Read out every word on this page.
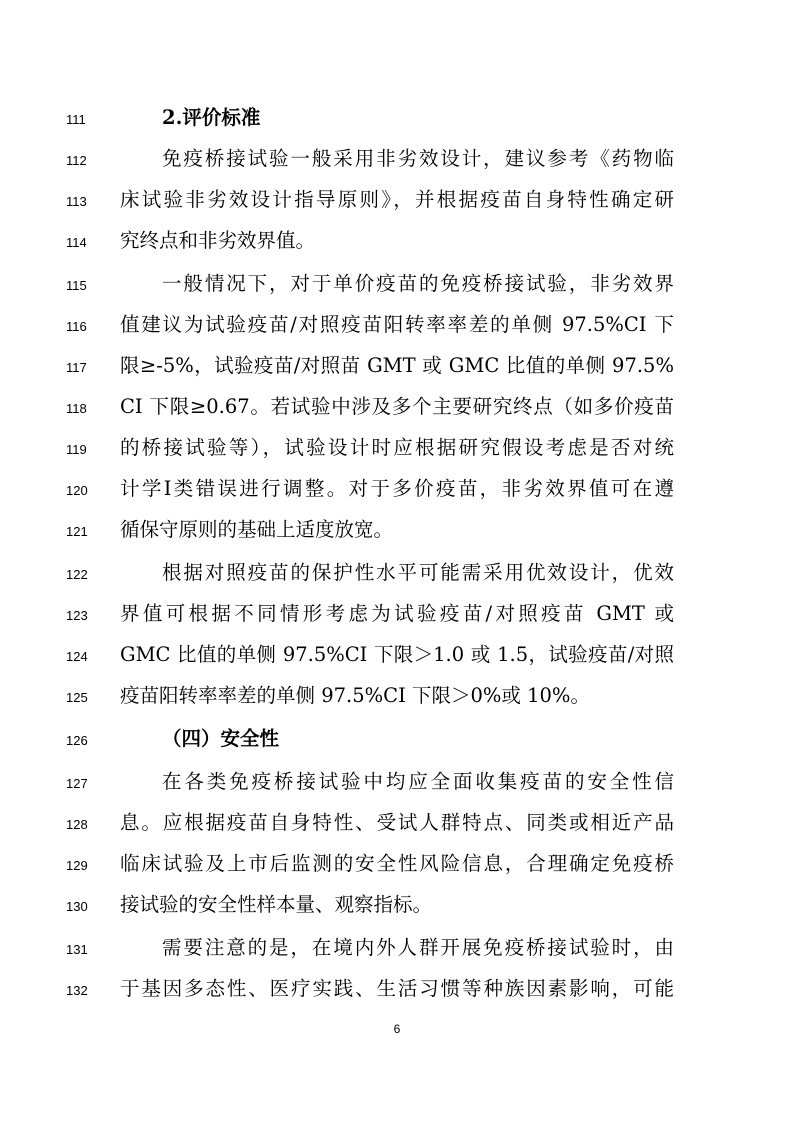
111	2.评价标准
112	免疫桥接试验一般采用非劣效设计，建议参考《药物临
113	床试验非劣效设计指导原则》，并根据疫苗自身特性确定研
114	究终点和非劣效界值。
115	一般情况下，对于单价疫苗的免疫桥接试验，非劣效界
116	值建议为试验疫苗/对照疫苗阳转率率差的单侧 97.5%CI 下
117	限≥-5%，试验疫苗/对照苗 GMT 或 GMC 比值的单侧 97.5%
118	CI 下限≥0.67。若试验中涉及多个主要研究终点（如多价疫苗
119	的桥接试验等），试验设计时应根据研究假设考虑是否对统
120	计学Ⅰ类错误进行调整。对于多价疫苗，非劣效界值可在遵
121	循保守原则的基础上适度放宽。
122	根据对照疫苗的保护性水平可能需采用优效设计，优效
123	界值可根据不同情形考虑为试验疫苗/对照疫苗 GMT 或
124	GMC 比值的单侧 97.5%CI 下限＞1.0 或 1.5，试验疫苗/对照
125	疫苗阳转率率差的单侧 97.5%CI 下限＞0%或 10%。
126	（四）安全性
127	在各类免疫桥接试验中均应全面收集疫苗的安全性信
128	息。应根据疫苗自身特性、受试人群特点、同类或相近产品
129	临床试验及上市后监测的安全性风险信息，合理确定免疫桥
130	接试验的安全性样本量、观察指标。
131	需要注意的是，在境内外人群开展免疫桥接试验时，由
132	于基因多态性、医疗实践、生活习惯等种族因素影响，可能
6
